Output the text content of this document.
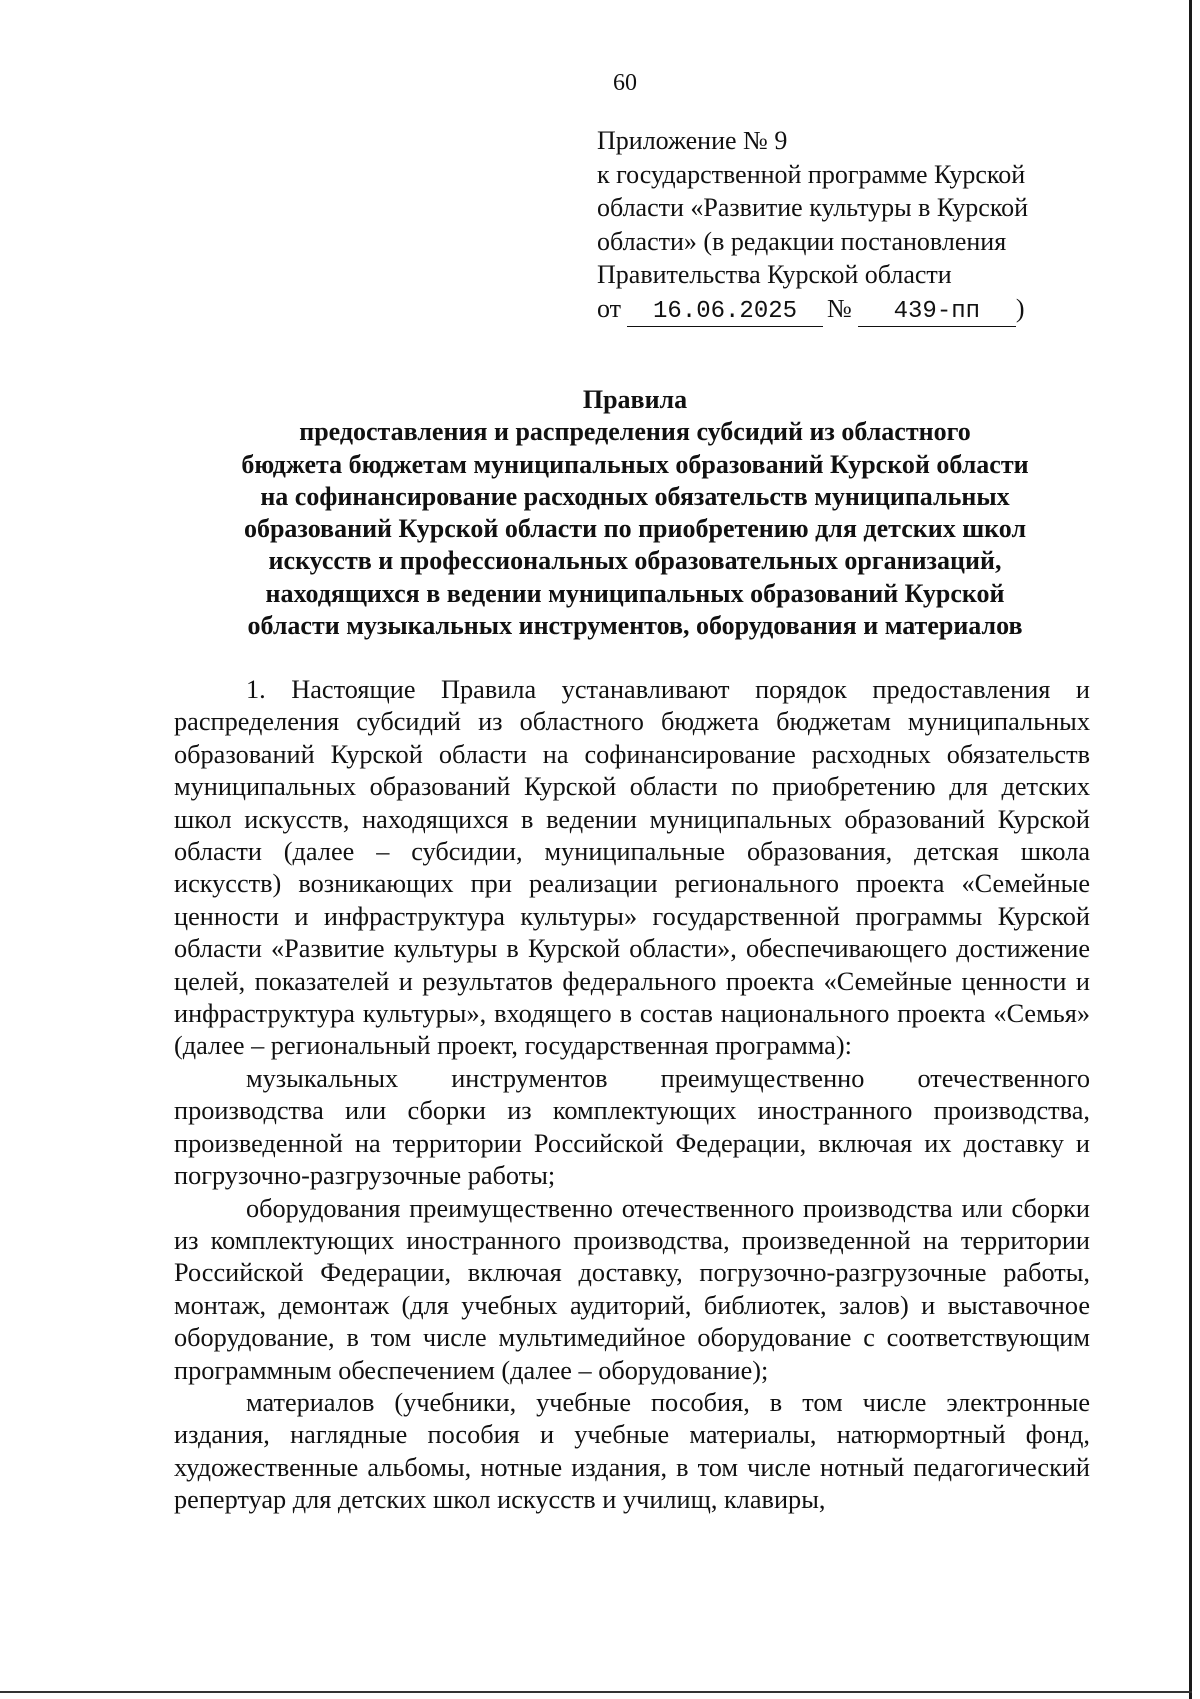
60
Приложение № 9
к государственной программе Курской
области «Развитие культуры в Курской
области» (в редакции постановления
Правительства Курской области
от 16.06.2025 № 439-пп )
Правила
предоставления и распределения субсидий из областного
бюджета бюджетам муниципальных образований Курской области
на софинансирование расходных обязательств муниципальных
образований Курской области по приобретению для детских школ
искусств и профессиональных образовательных организаций,
находящихся в ведении муниципальных образований Курской
области музыкальных инструментов, оборудования и материалов

1. Настоящие Правила устанавливают порядок предоставления и распределения субсидий из областного бюджета бюджетам муниципальных образований Курской области на софинансирование расходных обязательств муниципальных образований Курской области по приобретению для детских школ искусств, находящихся в ведении муниципальных образований Курской области (далее – субсидии, муниципальные образования, детская школа искусств) возникающих при реализации регионального проекта «Семейные ценности и инфраструктура культуры» государственной программы Курской области «Развитие культуры в Курской области», обеспечивающего достижение целей, показателей и результатов федерального проекта «Семейные ценности и инфраструктура культуры», входящего в состав национального проекта «Семья» (далее – региональный проект, государственная программа):

музыкальных инструментов преимущественно отечественного производства или сборки из комплектующих иностранного производства, произведенной на территории Российской Федерации, включая их доставку и погрузочно-разгрузочные работы;

оборудования преимущественно отечественного производства или сборки из комплектующих иностранного производства, произведенной на территории Российской Федерации, включая доставку, погрузочно-разгрузочные работы, монтаж, демонтаж (для учебных аудиторий, библиотек, залов) и выставочное оборудование, в том числе мультимедийное оборудование с соответствующим программным обеспечением (далее – оборудование);

материалов (учебники, учебные пособия, в том числе электронные издания, наглядные пособия и учебные материалы, натюрмортный фонд, художественные альбомы, нотные издания, в том числе нотный педагогический репертуар для детских школ искусств и училищ, клавиры,
